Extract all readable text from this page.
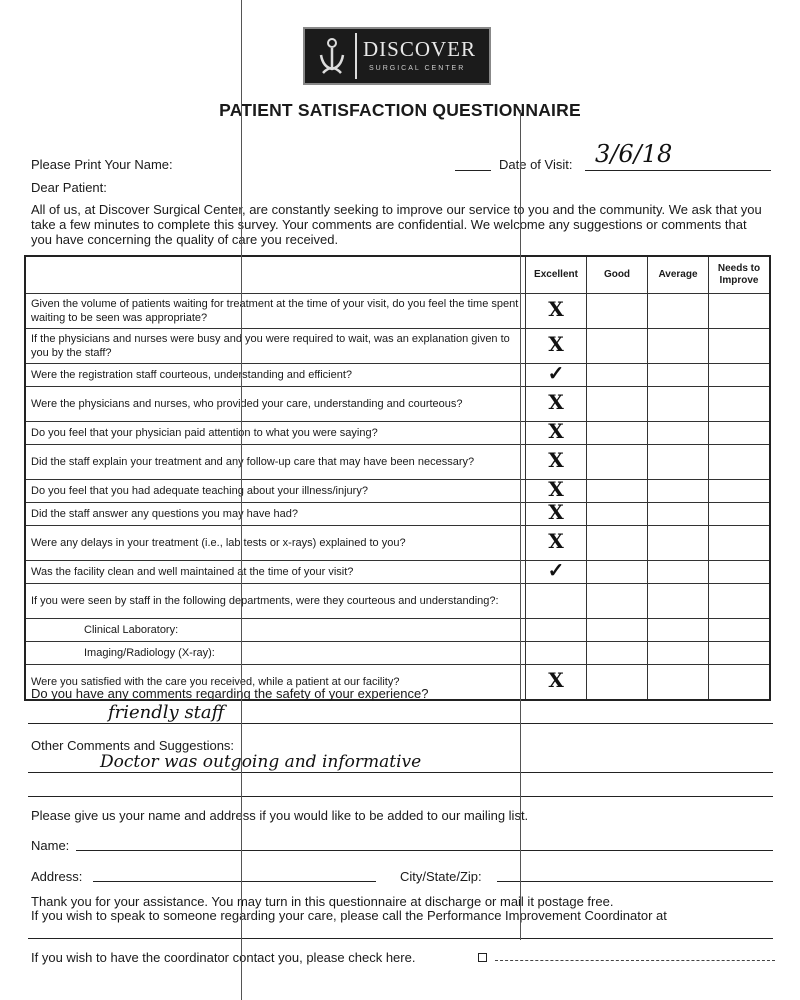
DISCOVER
SURGICAL CENTER
PATIENT SATISFACTION QUESTIONNAIRE
Please Print Your Name:	Date of Visit: 3/6/18
Dear Patient:
All of us, at Discover Surgical Center, are constantly seeking to improve our service to you and the community. We ask that you take a few minutes to complete this survey. Your comments are confidential. We welcome any suggestions or comments that you have concerning the quality of care you received.
	Excellent	Good	Average	Needs to Improve
Given the volume of patients waiting for treatment at the time of your visit, do you feel the time spent waiting to be seen was appropriate?	X			
If the physicians and nurses were busy and you were required to wait, was an explanation given to you by the staff?	X			
Were the registration staff courteous, understanding and efficient?	✓			
Were the physicians and nurses, who provided your care, understanding and courteous?	X			
Do you feel that your physician paid attention to what you were saying?	X			
Did the staff explain your treatment and any follow-up care that may have been necessary?	X			
Do you feel that you had adequate teaching about your illness/injury?	X			
Did the staff answer any questions you may have had?	X			
Were any delays in your treatment (i.e., lab tests or x-rays) explained to you?	X			
Was the facility clean and well maintained at the time of your visit?	✓			
If you were seen by staff in the following departments, were they courteous and understanding?:				
Clinical Laboratory:				
Imaging/Radiology (X-ray):				
Were you satisfied with the care you received, while a patient at our facility?	X			
Do you have any comments regarding the safety of your experience?
friendly staff
Other Comments and Suggestions:
Doctor was outgoing and informative
Please give us your name and address if you would like to be added to our mailing list.
Name:
Address:	City/State/Zip:
Thank you for your assistance. You may turn in this questionnaire at discharge or mail it postage free.
If you wish to speak to someone regarding your care, please call the Performance Improvement Coordinator at
If you wish to have the coordinator contact you, please check here.
